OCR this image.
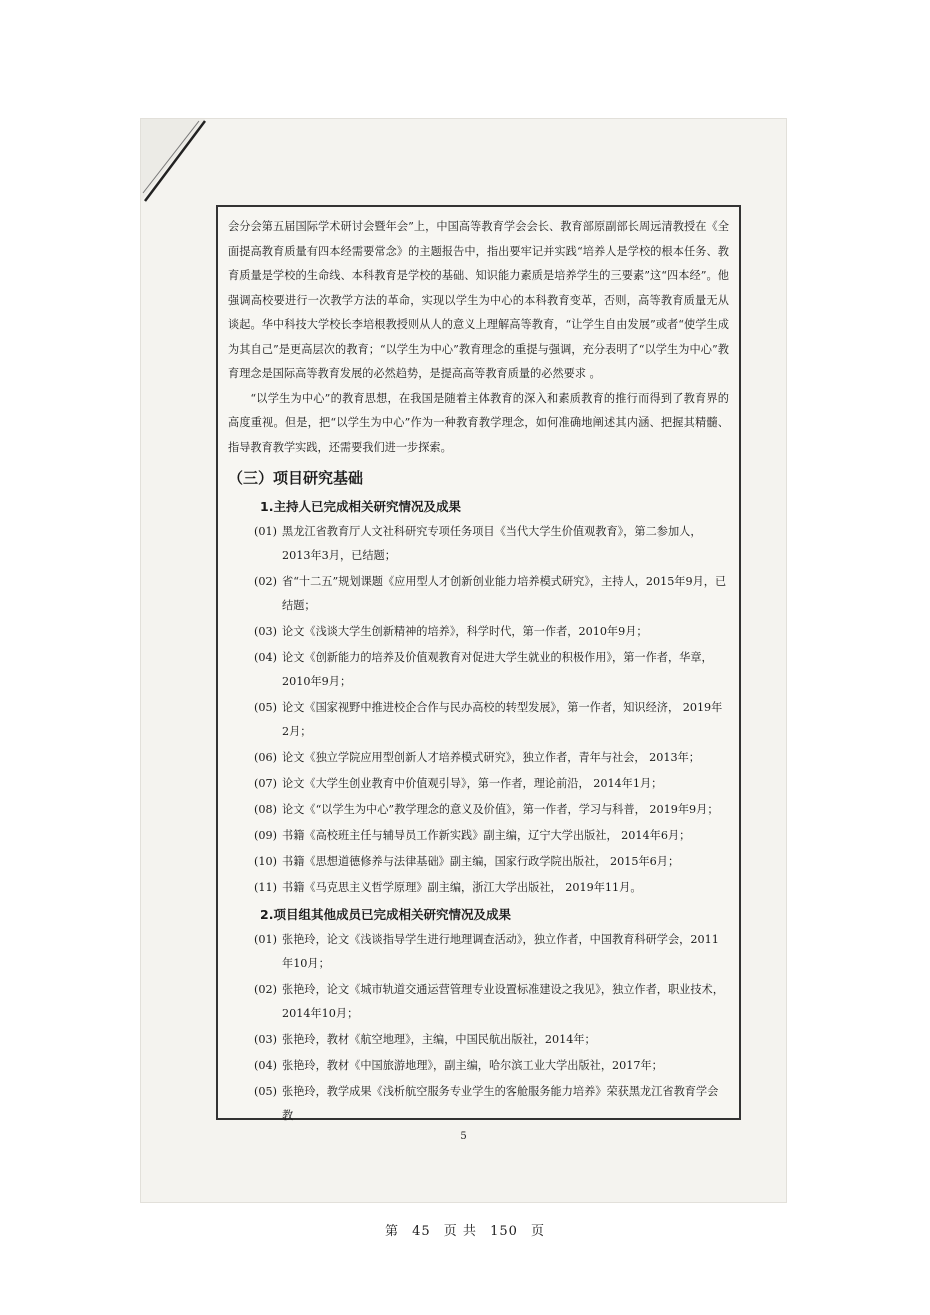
会分会第五届国际学术研讨会暨年会”上，中国高等教育学会会长、教育部原副部长周远清教授在《全面提高教育质量有四本经需要常念》的主题报告中，指出要牢记并实践“培养人是学校的根本任务、教育质量是学校的生命线、本科教育是学校的基础、知识能力素质是培养学生的三要素”这“四本经”。他强调高校要进行一次教学方法的革命，实现以学生为中心的本科教育变革，否则，高等教育质量无从谈起。华中科技大学校长李培根教授则从人的意义上理解高等教育，“让学生自由发展”或者“使学生成为其自己”是更高层次的教育；“以学生为中心”教育理念的重提与强调，充分表明了“以学生为中心”教育理念是国际高等教育发展的必然趋势，是提高高等教育质量的必然要求 。

“以学生为中心”的教育思想，在我国是随着主体教育的深入和素质教育的推行而得到了教育界的高度重视。但是，把“以学生为中心”作为一种教育教学理念，如何准确地阐述其内涵、把握其精髓、指导教育教学实践，还需要我们进一步探索。

（三）项目研究基础
1.主持人已完成相关研究情况及成果
(01) 黑龙江省教育厅人文社科研究专项任务项目《当代大学生价值观教育》，第二参加人，2013年3月，已结题；
(02) 省“十二五”规划课题《应用型人才创新创业能力培养模式研究》，主持人，2015年9月，已结题；
(03) 论文《浅谈大学生创新精神的培养》，科学时代，第一作者，2010年9月；
(04) 论文《创新能力的培养及价值观教育对促进大学生就业的积极作用》，第一作者，华章，2010年9月；
(05) 论文《国家视野中推进校企合作与民办高校的转型发展》，第一作者，知识经济， 2019年2月；
(06) 论文《独立学院应用型创新人才培养模式研究》，独立作者，青年与社会， 2013年；
(07) 论文《大学生创业教育中价值观引导》，第一作者，理论前沿， 2014年1月；
(08) 论文《“以学生为中心”教学理念的意义及价值》，第一作者，学习与科普， 2019年9月；
(09) 书籍《高校班主任与辅导员工作新实践》副主编，辽宁大学出版社， 2014年6月；
(10) 书籍《思想道德修养与法律基础》副主编，国家行政学院出版社， 2015年6月；
(11) 书籍《马克思主义哲学原理》副主编，浙江大学出版社， 2019年11月。
2.项目组其他成员已完成相关研究情况及成果
(01) 张艳玲，论文《浅谈指导学生进行地理调查活动》，独立作者，中国教育科研学会，2011年10月；
(02) 张艳玲，论文《城市轨道交通运营管理专业设置标准建设之我见》，独立作者，职业技术，2014年10月；
(03) 张艳玲，教材《航空地理》，主编，中国民航出版社，2014年；
(04) 张艳玲，教材《中国旅游地理》，副主编，哈尔滨工业大学出版社，2017年；
(05) 张艳玲，教学成果《浅析航空服务专业学生的客舱服务能力培养》荣获黑龙江省教育学会教
5
第 45 页 共 150 页
